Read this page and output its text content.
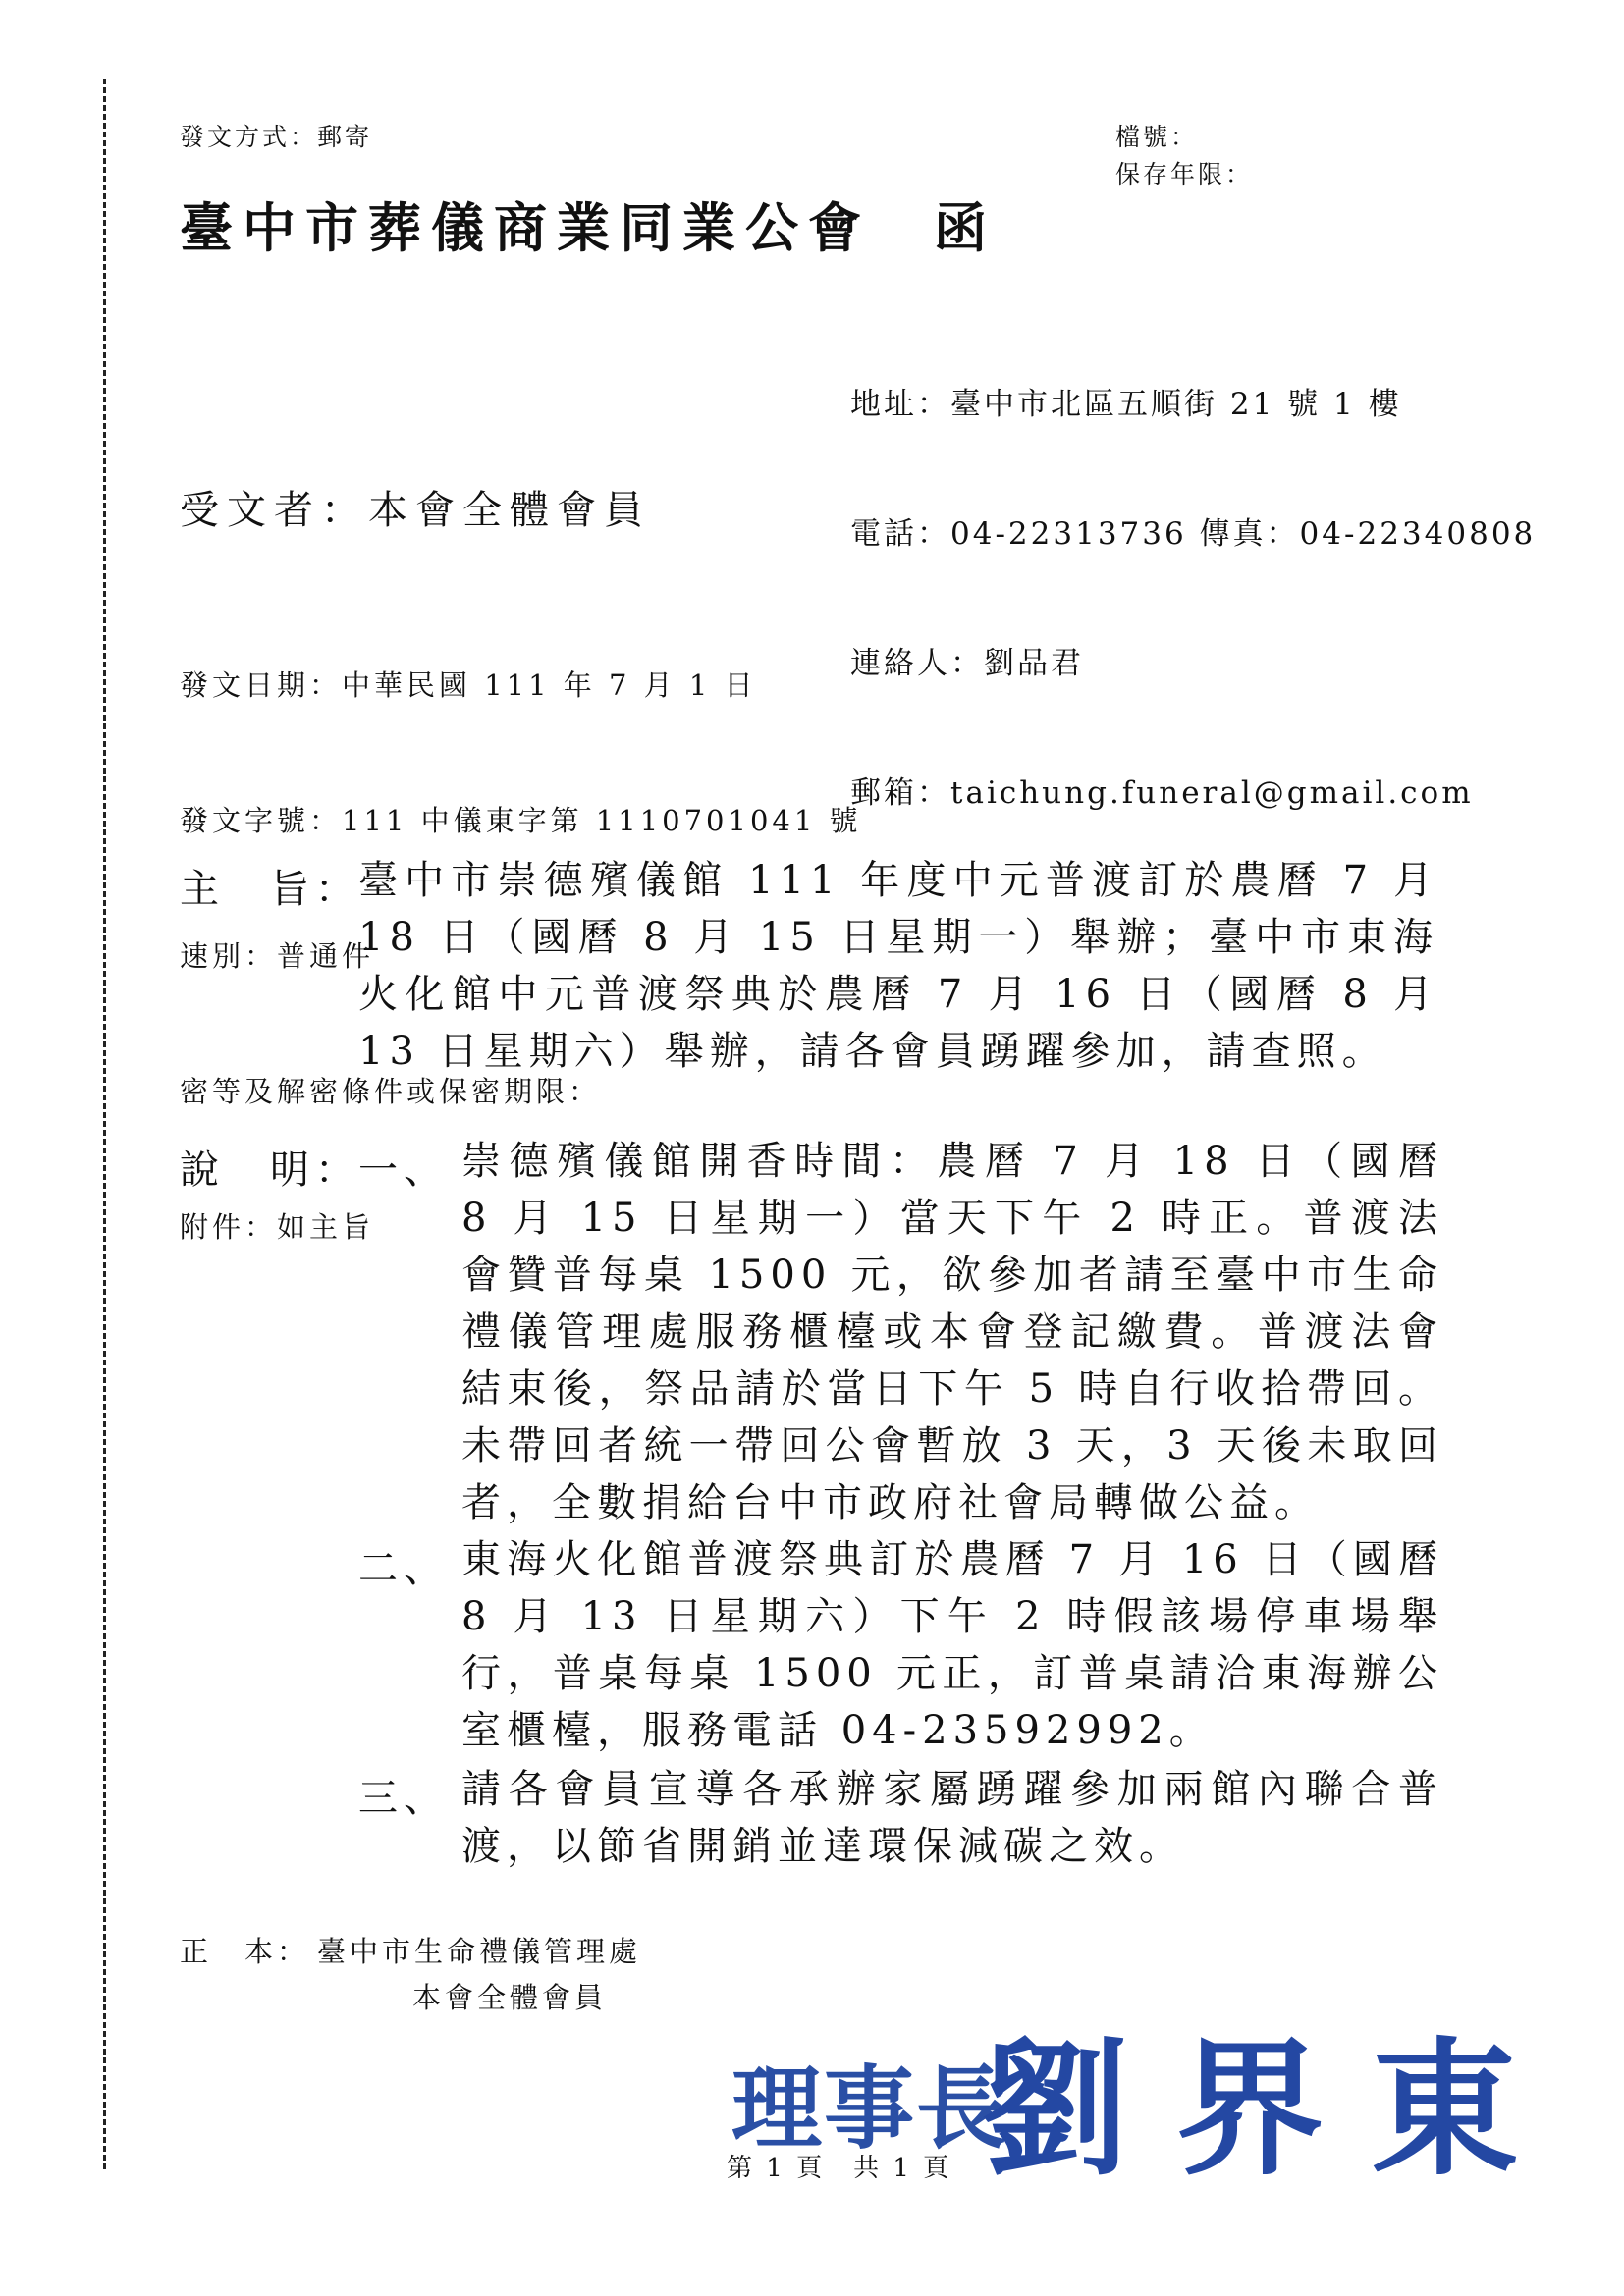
發文方式：郵寄	檔號：
保存年限：
臺中市葬儀商業同業公會　函

地址：臺中市北區五順街 21 號 1 樓

電話：04-22313736 傳真：04-22340808

連絡人：劉品君

郵箱：taichung.funeral@gmail.com

受文者：本會全體會員

發文日期：中華民國 111 年 7 月 1 日

發文字號：111 中儀東字第 1110701041 號

速別：普通件

密等及解密條件或保密期限：

附件：如主旨

主　旨：
臺中市崇德殯儀館 111 年度中元普渡訂於農曆 7 月 18 日（國曆 8 月 15 日星期一）舉辦；臺中市東海火化館中元普渡祭典於農曆 7 月 16 日（國曆 8 月 13 日星期六）舉辦，請各會員踴躍參加，請查照。
說　明：
一、 崇德殯儀館開香時間：農曆 7 月 18 日（國曆 8 月 15 日星期一）當天下午 2 時正。普渡法會贊普每桌 1500 元，欲參加者請至臺中市生命禮儀管理處服務櫃檯或本會登記繳費。普渡法會結束後，祭品請於當日下午 5 時自行收拾帶回。未帶回者統一帶回公會暫放 3 天，3 天後未取回者，全數捐給台中市政府社會局轉做公益。
二、 東海火化館普渡祭典訂於農曆 7 月 16 日（國曆 8 月 13 日星期六）下午 2 時假該場停車場舉行，普桌每桌 1500 元正，訂普桌請洽東海辦公室櫃檯，服務電話 04-23592992。
三、 請各會員宣導各承辦家屬踴躍參加兩館內聯合普渡，以節省開銷並達環保減碳之效。
正　本： 臺中市生命禮儀管理處
本會全體會員
理事長
劉界東
第 1 頁　共 1 頁
